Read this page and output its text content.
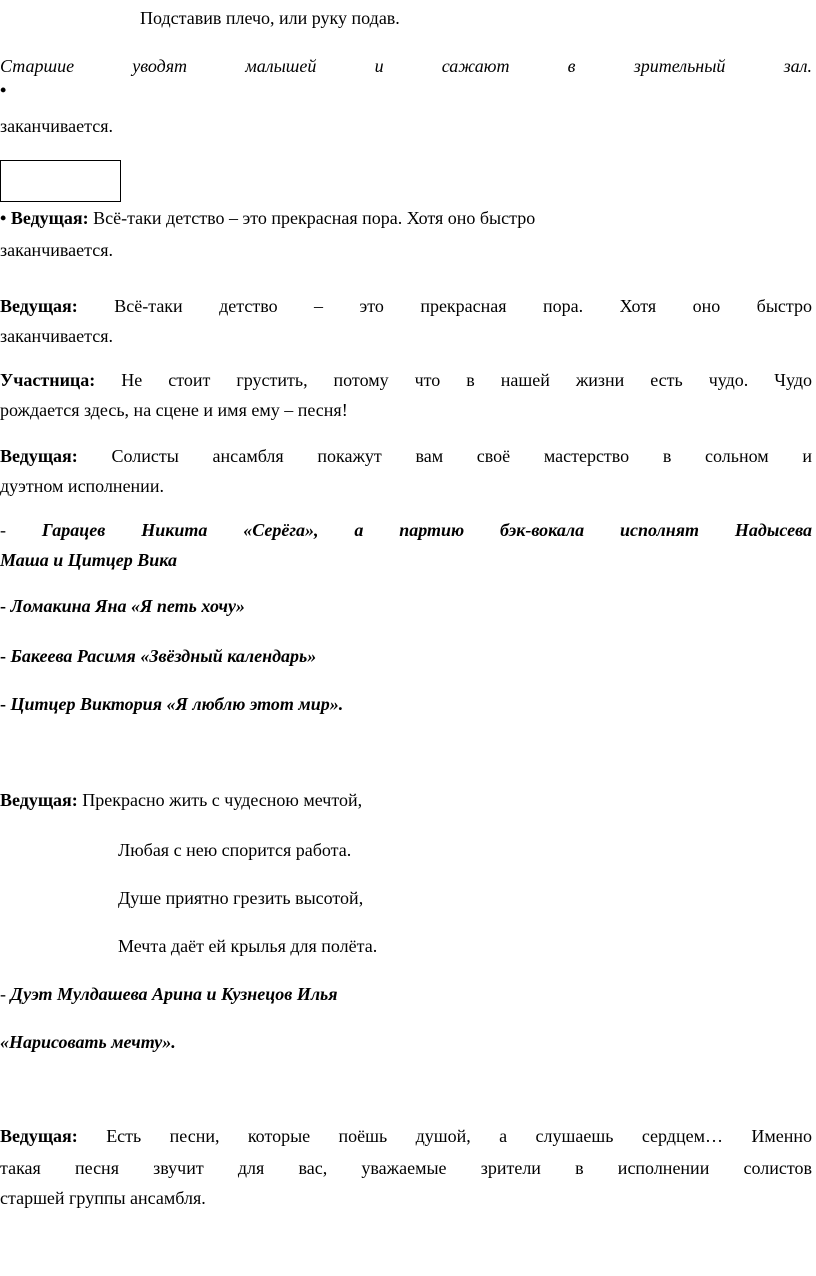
Подставив плечо, или руку подав.
Старшие уводят малышей и сажают в зрительный зал.
•
заканчивается.
• Ведущая: Всё-таки детство – это прекрасная пора. Хотя оно быстро
заканчивается.
Ведущая: Всё-таки детство – это прекрасная пора. Хотя оно быстро
заканчивается.
Участница: Не стоит грустить, потому что в нашей жизни есть чудо. Чудо
рождается здесь, на сцене и имя ему – песня!
Ведущая: Солисты ансамбля покажут вам своё мастерство в сольном и
дуэтном исполнении.
- Гарацев Никита «Серёга», а партию бэк-вокала исполнят Надысева
Маша и Цитцер Вика
- Ломакина Яна «Я петь хочу»
- Бакеева Расимя «Звёздный календарь»
- Цитцер Виктория «Я люблю этот мир».
Ведущая: Прекрасно жить с чудесною мечтой,
Любая с нею спорится работа.
Душе приятно грезить высотой,
Мечта даёт ей крылья для полёта.
- Дуэт Мулдашева Арина и Кузнецов Илья
«Нарисовать мечту».
Ведущая: Есть песни, которые поёшь душой, а слушаешь сердцем… Именно
такая песня звучит для вас, уважаемые зрители в исполнении солистов
старшей группы ансамбля.
